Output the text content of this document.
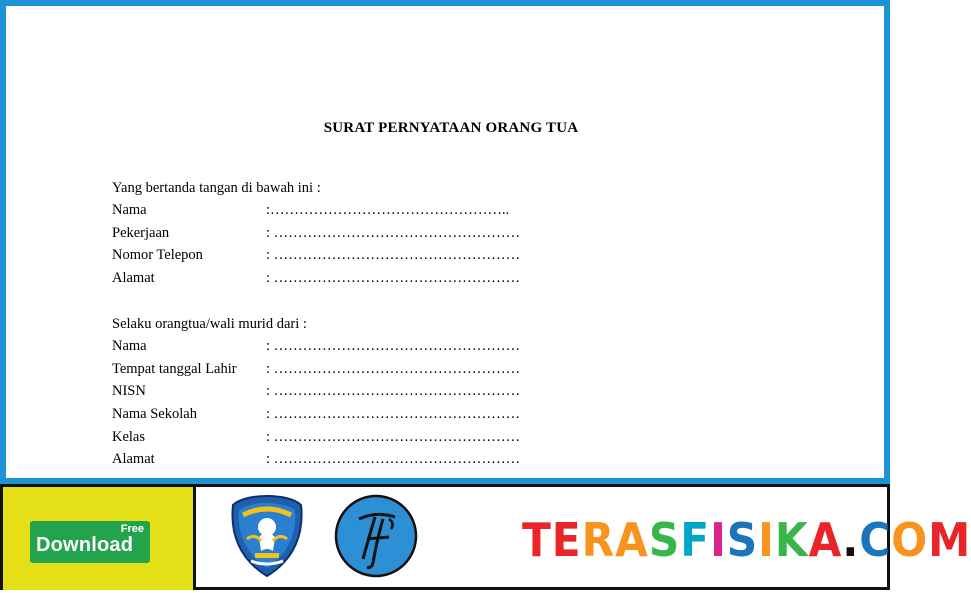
SURAT PERNYATAAN ORANG TUA
Yang bertanda tangan di bawah ini :
Nama	:…………………………………………..
Pekerjaan	: ……………………………………………
Nomor Telepon	: ……………………………………………
Alamat	: ……………………………………………
Selaku orangtua/wali murid dari :
Nama	: ……………………………………………
Tempat tanggal Lahir : ……………………………………………
NISN	: ……………………………………………
Nama Sekolah	: ……………………………………………
Kelas	: ……………………………………………
Alamat	: ……………………………………………
Free
Download	TERASFISIKA.COM
